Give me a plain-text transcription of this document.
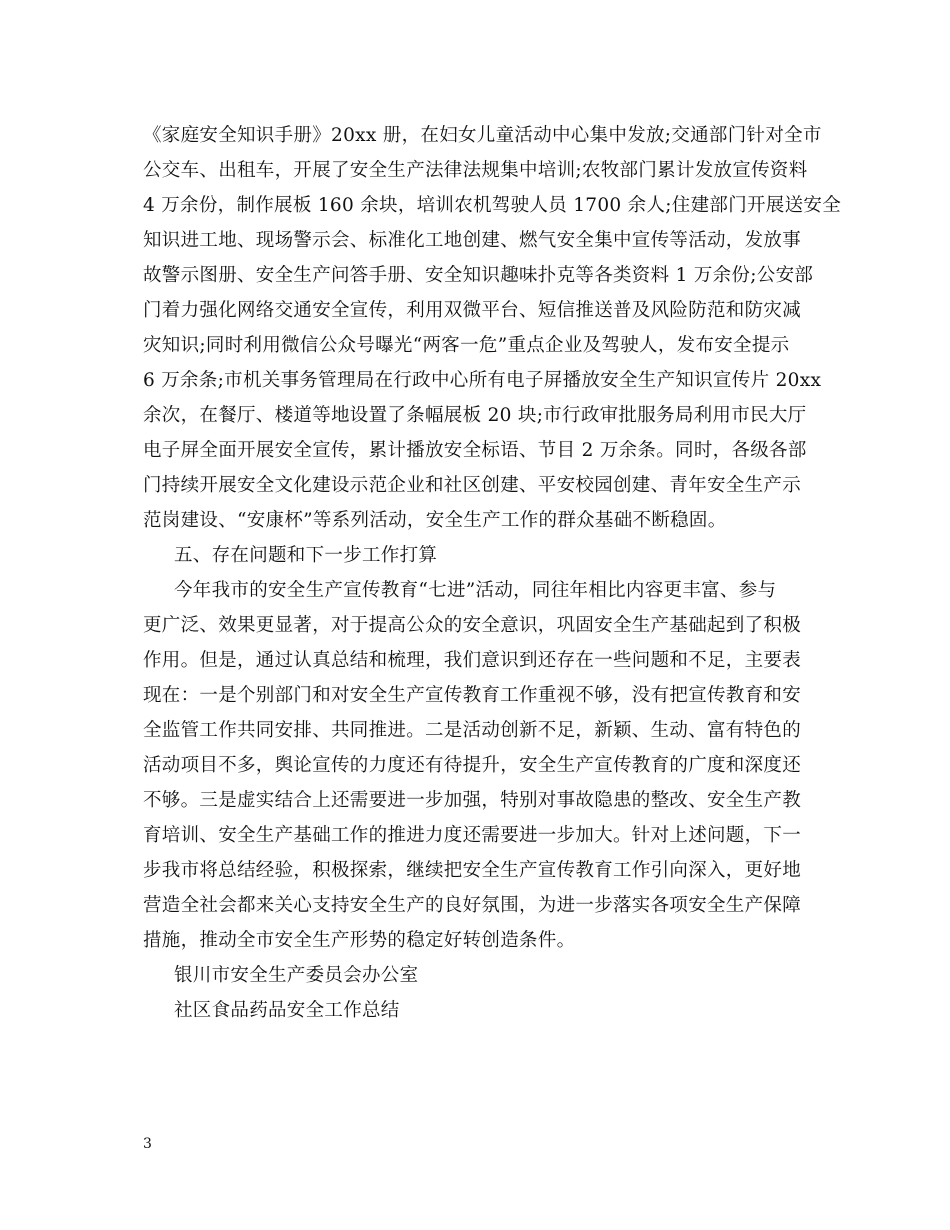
《家庭安全知识手册》20xx 册，在妇女儿童活动中心集中发放;交通部门针对全市
公交车、出租车，开展了安全生产法律法规集中培训;农牧部门累计发放宣传资料
4 万余份，制作展板 160 余块，培训农机驾驶人员 1700 余人;住建部门开展送安全
知识进工地、现场警示会、标准化工地创建、燃气安全集中宣传等活动，发放事
故警示图册、安全生产问答手册、安全知识趣味扑克等各类资料 1 万余份;公安部
门着力强化网络交通安全宣传，利用双微平台、短信推送普及风险防范和防灾减
灾知识;同时利用微信公众号曝光“两客一危”重点企业及驾驶人，发布安全提示
6 万余条;市机关事务管理局在行政中心所有电子屏播放安全生产知识宣传片 20xx
余次，在餐厅、楼道等地设置了条幅展板 20 块;市行政审批服务局利用市民大厅
电子屏全面开展安全宣传，累计播放安全标语、节目 2 万余条。同时，各级各部
门持续开展安全文化建设示范企业和社区创建、平安校园创建、青年安全生产示
范岗建设、“安康杯”等系列活动，安全生产工作的群众基础不断稳固。
五、存在问题和下一步工作打算
今年我市的安全生产宣传教育“七进”活动，同往年相比内容更丰富、参与
更广泛、效果更显著，对于提高公众的安全意识，巩固安全生产基础起到了积极
作用。但是，通过认真总结和梳理，我们意识到还存在一些问题和不足，主要表
现在：一是个别部门和对安全生产宣传教育工作重视不够，没有把宣传教育和安
全监管工作共同安排、共同推进。二是活动创新不足，新颖、生动、富有特色的
活动项目不多，舆论宣传的力度还有待提升，安全生产宣传教育的广度和深度还
不够。三是虚实结合上还需要进一步加强，特别对事故隐患的整改、安全生产教
育培训、安全生产基础工作的推进力度还需要进一步加大。针对上述问题，下一
步我市将总结经验，积极探索，继续把安全生产宣传教育工作引向深入，更好地
营造全社会都来关心支持安全生产的良好氛围，为进一步落实各项安全生产保障
措施，推动全市安全生产形势的稳定好转创造条件。
银川市安全生产委员会办公室
社区食品药品安全工作总结
3
